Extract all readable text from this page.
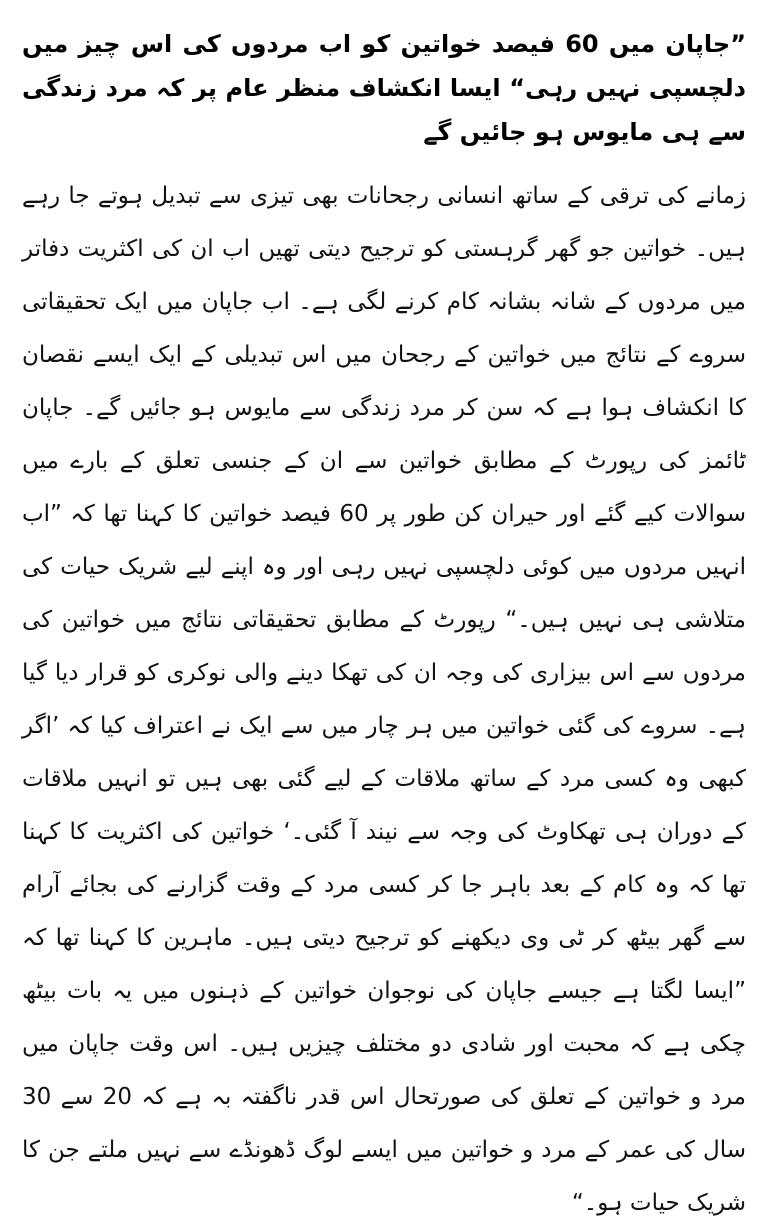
”جاپان میں 60 فیصد خواتین کو اب مردوں کی اس چیز میں دلچسپی نہیں رہی“ ایسا انکشاف منظر عام پر کہ مرد زندگی سے ہی مایوس ہو جائیں گے

زمانے کی ترقی کے ساتھ انسانی رجحانات بھی تیزی سے تبدیل ہوتے جا رہے ہیں۔ خواتین جو گھر گرہستی کو ترجیح دیتی تھیں اب ان کی اکثریت دفاتر میں مردوں کے شانہ بشانہ کام کرنے لگی ہے۔ اب جاپان میں ایک تحقیقاتی سروے کے نتائج میں خواتین کے رجحان میں اس تبدیلی کے ایک ایسے نقصان کا انکشاف ہوا ہے کہ سن کر مرد زندگی سے مایوس ہو جائیں گے۔ جاپان ٹائمز کی رپورٹ کے مطابق خواتین سے ان کے جنسی تعلق کے بارے میں سوالات کیے گئے اور حیران کن طور پر 60 فیصد خواتین کا کہنا تھا کہ ”اب انہیں مردوں میں کوئی دلچسپی نہیں رہی اور وہ اپنے لیے شریک حیات کی متلاشی ہی نہیں ہیں۔“ رپورٹ کے مطابق تحقیقاتی نتائج میں خواتین کی مردوں سے اس بیزاری کی وجہ ان کی تھکا دینے والی نوکری کو قرار دیا گیا ہے۔ سروے کی گئی خواتین میں ہر چار میں سے ایک نے اعتراف کیا کہ ’اگر کبھی وہ کسی مرد کے ساتھ ملاقات کے لیے گئی بھی ہیں تو انہیں ملاقات کے دوران ہی تھکاوٹ کی وجہ سے نیند آ گئی۔‘ خواتین کی اکثریت کا کہنا تھا کہ وہ کام کے بعد باہر جا کر کسی مرد کے وقت گزارنے کی بجائے آرام سے گھر بیٹھ کر ٹی وی دیکھنے کو ترجیح دیتی ہیں۔ ماہرین کا کہنا تھا کہ ”ایسا لگتا ہے جیسے جاپان کی نوجوان خواتین کے ذہنوں میں یہ بات بیٹھ چکی ہے کہ محبت اور شادی دو مختلف چیزیں ہیں۔ اس وقت جاپان میں مرد و خواتین کے تعلق کی صورتحال اس قدر ناگفتہ بہ ہے کہ 20 سے 30 سال کی عمر کے مرد و خواتین میں ایسے لوگ ڈھونڈے سے نہیں ملتے جن کا شریک حیات ہو۔“
